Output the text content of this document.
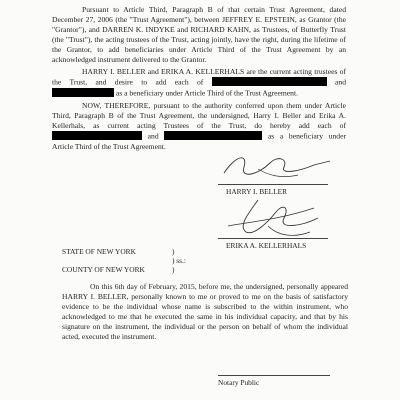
Pursuant to Article Third, Paragraph B of that certain Trust Agreement, dated December 27, 2006 (the "Trust Agreement"), between JEFFREY E. EPSTEIN, as Grantor (the "Grantor"), and DARREN K. INDYKE and RICHARD KAHN, as Trustees, of Butterfly Trust (the "Trust"), the acting trustees of the Trust, acting jointly, have the right, during the lifetime of the Grantor, to add beneficiaries under Article Third of the Trust Agreement by an acknowledged instrument delivered to the Grantor.
HARRY I. BELLER and ERIKA A. KELLERHALS are the current acting trustees of the Trust, and desire to add each of	and  as a beneficiary under Article Third of the Trust Agreement.
NOW, THEREFORE, pursuant to the authority conferred upon them under Article Third, Paragraph B of the Trust Agreement, the undersigned, Harry I. Beller and Erika A. Kellerhals, as current acting Trustees of the Trust, do hereby add each of  and	as a beneficiary under Article Third of the Trust Agreement.
HARRY I. BELLER
ERIKA A. KELLERHALS
STATE OF NEW YORK	)
) ss.:
COUNTY OF NEW YORK	)
On this 6th day of February, 2015, before me, the undersigned, personally appeared HARRY I. BELLER, personally known to me or proved to me on the basis of satisfactory evidence to be the individual whose name is subscribed to the within instrument, who acknowledged to me that he executed the same in his individual capacity, and that by his signature on the instrument, the individual or the person on behalf of whom the individual acted, executed the instrument.
Notary Public
